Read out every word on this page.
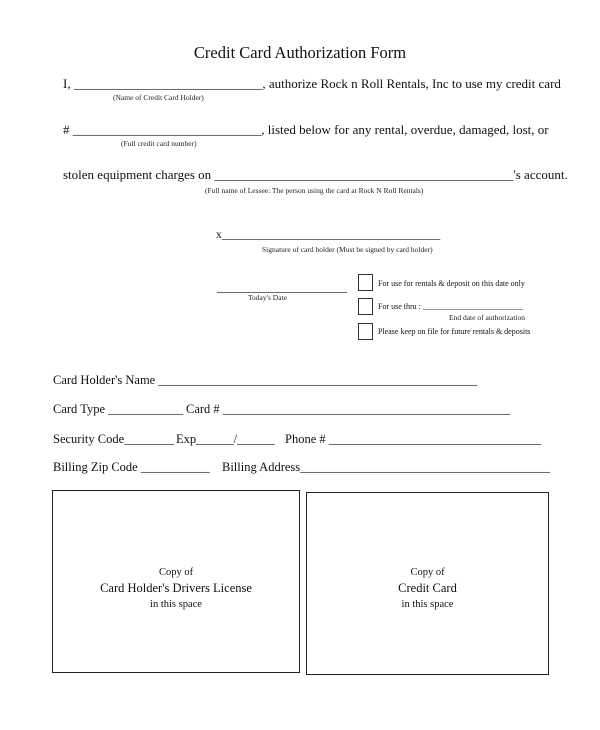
Credit Card Authorization Form
I, _____________________________, authorize Rock n Roll Rentals, Inc to use my credit card
(Name of Credit Card Holder)
# _____________________________, listed below for any rental, overdue, damaged, lost, or
(Full credit card number)
stolen equipment charges on ______________________________________________'s account.
(Full name of Lessee: The person using the card at Rock N Roll Rentals)
x______________________________________
Signature of card holder (Must be signed by card holder)
____________________
Today's Date
For use for rentals & deposit on this date only
For use thru : _________________________
End date of authorization
Please keep on file for future rentals & deposits
Card Holder's Name ___________________________________________________
Card Type ____________ Card # ______________________________________________
Security Code________ Exp______/______ Phone # __________________________________
Billing Zip Code ___________ Billing Address________________________________________
Copy of
Card Holder's Drivers License
in this space
Copy of
Credit Card
in this space
